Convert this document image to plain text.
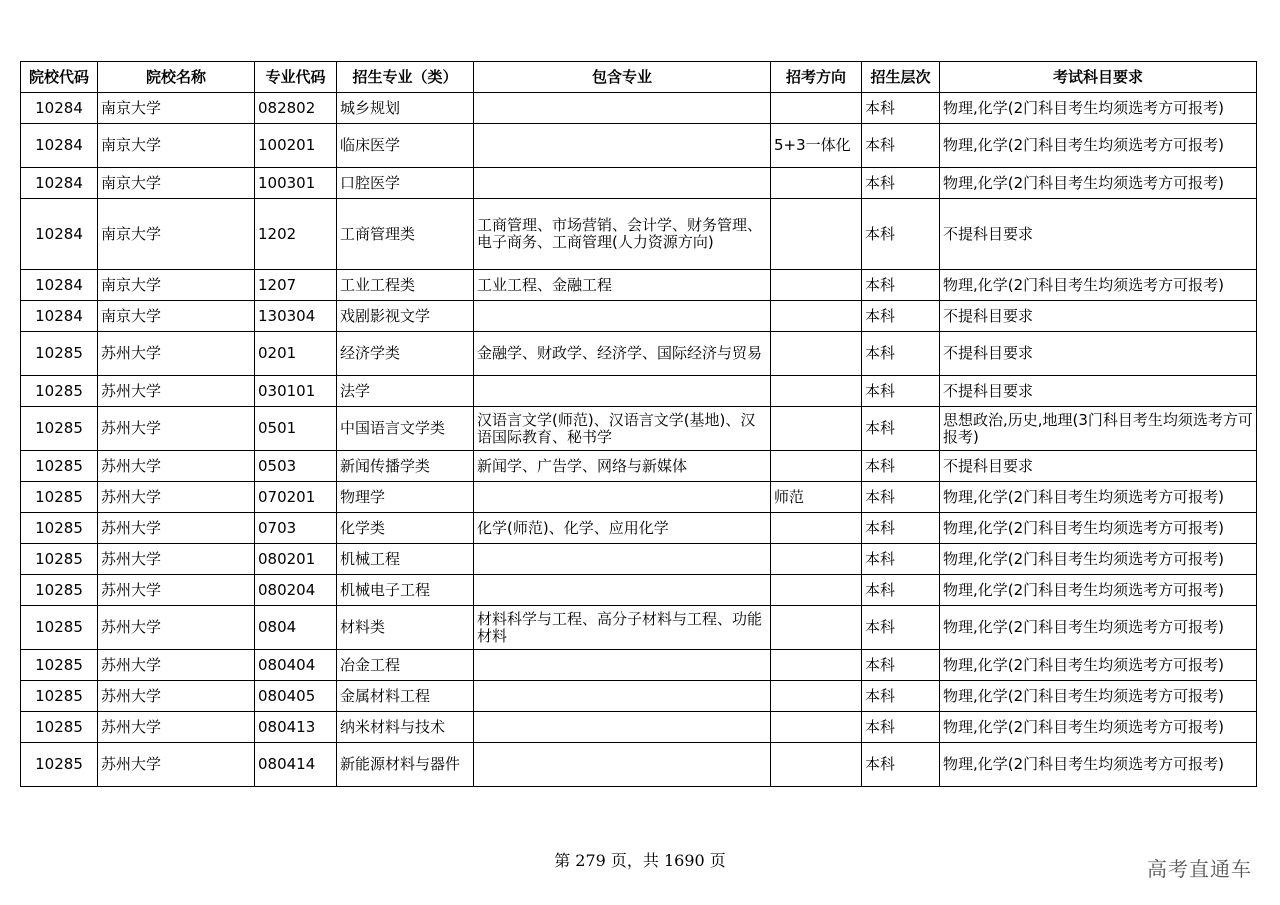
院校代码	院校名称	专业代码	招生专业（类）	包含专业	招考方向	招生层次	考试科目要求
10284	南京大学	082802	城乡规划			本科	物理,化学(2门科目考生均须选考方可报考)
10284	南京大学	100201	临床医学		5+3一体化	本科	物理,化学(2门科目考生均须选考方可报考)
10284	南京大学	100301	口腔医学			本科	物理,化学(2门科目考生均须选考方可报考)
10284	南京大学	1202	工商管理类	工商管理、市场营销、会计学、财务管理、电子商务、工商管理(人力资源方向)		本科	不提科目要求
10284	南京大学	1207	工业工程类	工业工程、金融工程		本科	物理,化学(2门科目考生均须选考方可报考)
10284	南京大学	130304	戏剧影视文学			本科	不提科目要求
10285	苏州大学	0201	经济学类	金融学、财政学、经济学、国际经济与贸易		本科	不提科目要求
10285	苏州大学	030101	法学			本科	不提科目要求
10285	苏州大学	0501	中国语言文学类	汉语言文学(师范)、汉语言文学(基地)、汉语国际教育、秘书学		本科	思想政治,历史,地理(3门科目考生均须选考方可报考)
10285	苏州大学	0503	新闻传播学类	新闻学、广告学、网络与新媒体		本科	不提科目要求
10285	苏州大学	070201	物理学		师范	本科	物理,化学(2门科目考生均须选考方可报考)
10285	苏州大学	0703	化学类	化学(师范)、化学、应用化学		本科	物理,化学(2门科目考生均须选考方可报考)
10285	苏州大学	080201	机械工程			本科	物理,化学(2门科目考生均须选考方可报考)
10285	苏州大学	080204	机械电子工程			本科	物理,化学(2门科目考生均须选考方可报考)
10285	苏州大学	0804	材料类	材料科学与工程、高分子材料与工程、功能材料		本科	物理,化学(2门科目考生均须选考方可报考)
10285	苏州大学	080404	冶金工程			本科	物理,化学(2门科目考生均须选考方可报考)
10285	苏州大学	080405	金属材料工程			本科	物理,化学(2门科目考生均须选考方可报考)
10285	苏州大学	080413	纳米材料与技术			本科	物理,化学(2门科目考生均须选考方可报考)
10285	苏州大学	080414	新能源材料与器件			本科	物理,化学(2门科目考生均须选考方可报考)
第 279 页，共 1690 页	高考直通车
